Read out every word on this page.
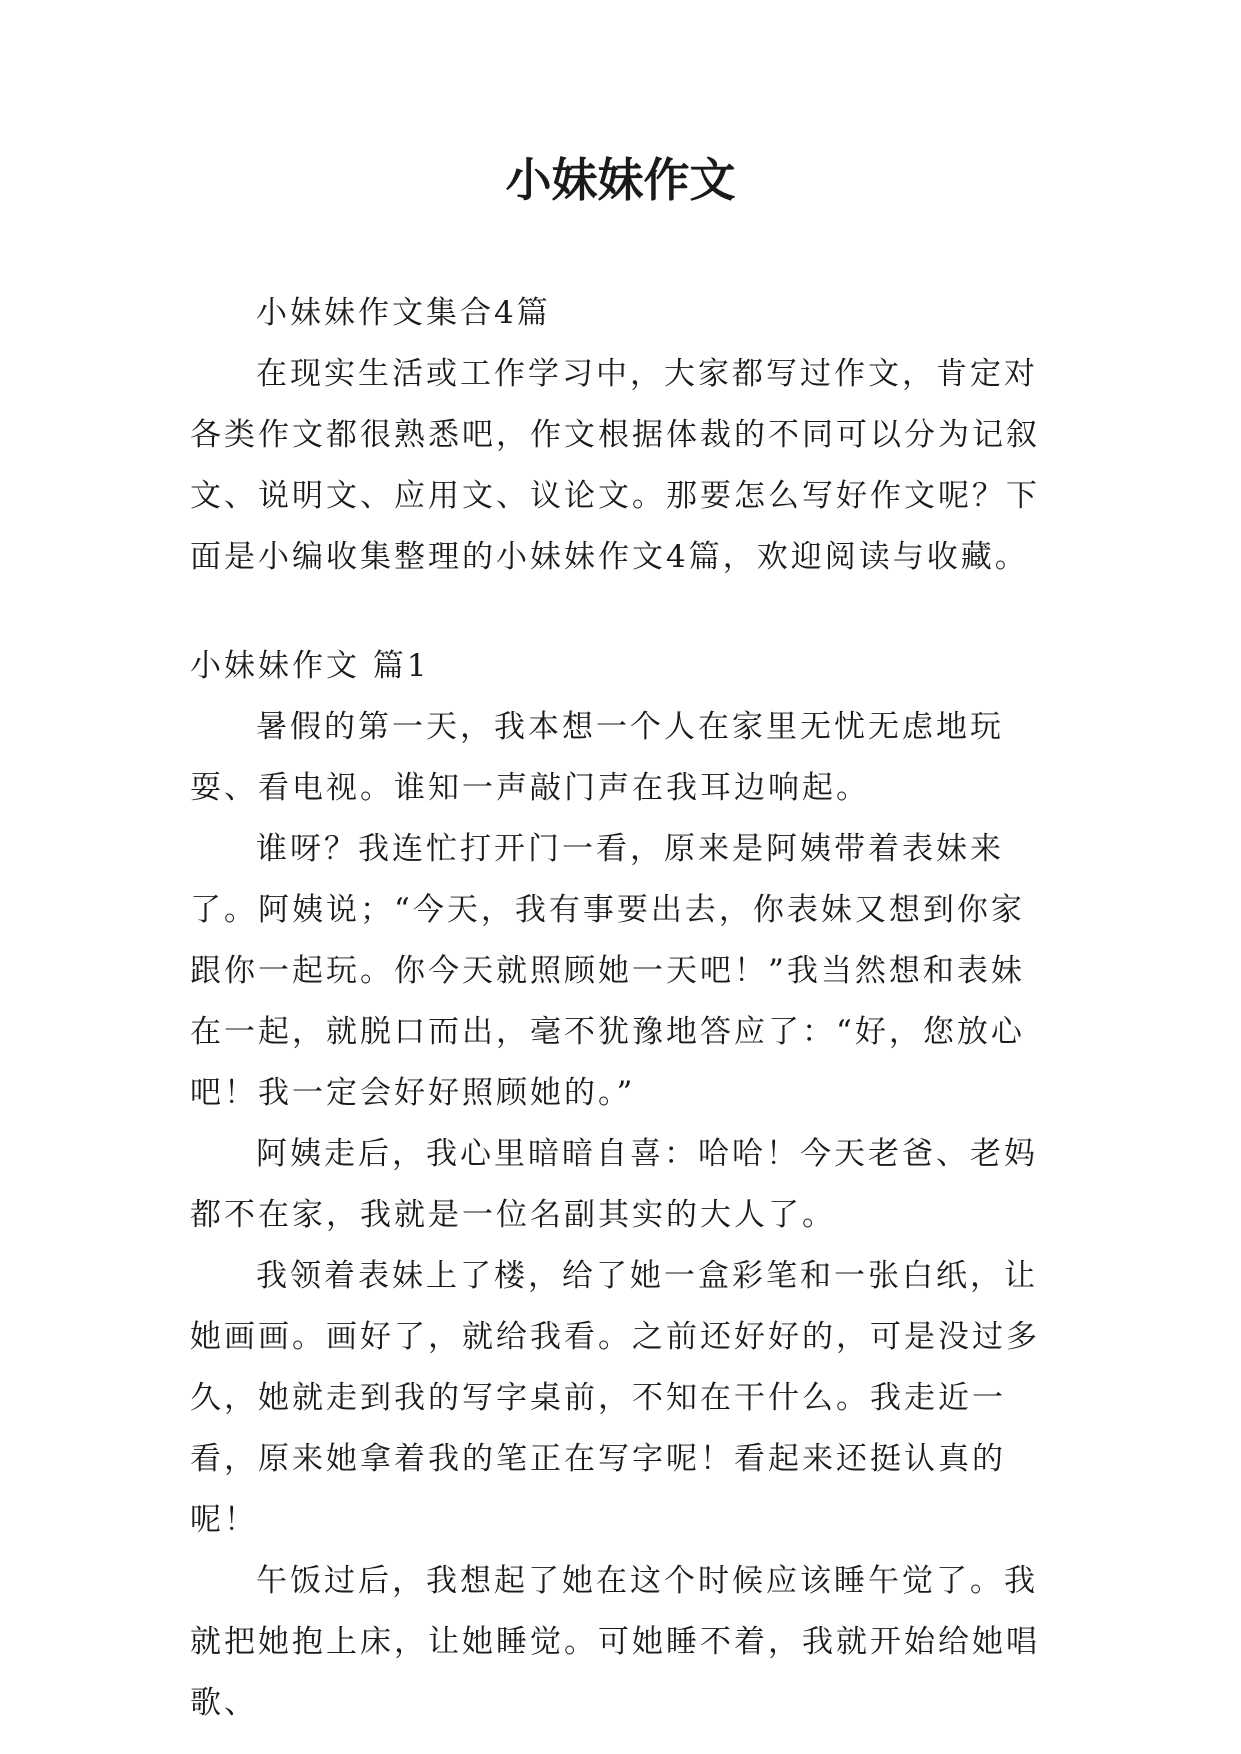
小妹妹作文

小妹妹作文集合4篇

在现实生活或工作学习中，大家都写过作文，肯定对各类作文都很熟悉吧，作文根据体裁的不同可以分为记叙文、说明文、应用文、议论文。那要怎么写好作文呢？下面是小编收集整理的小妹妹作文4篇，欢迎阅读与收藏。

小妹妹作文 篇1

暑假的第一天，我本想一个人在家里无忧无虑地玩耍、看电视。谁知一声敲门声在我耳边响起。

谁呀？我连忙打开门一看，原来是阿姨带着表妹来了。阿姨说；“今天，我有事要出去，你表妹又想到你家跟你一起玩。你今天就照顾她一天吧！”我当然想和表妹在一起，就脱口而出，毫不犹豫地答应了：“好，您放心吧！我一定会好好照顾她的。”

阿姨走后，我心里暗暗自喜：哈哈！今天老爸、老妈都不在家，我就是一位名副其实的大人了。

我领着表妹上了楼，给了她一盒彩笔和一张白纸，让她画画。画好了，就给我看。之前还好好的，可是没过多久，她就走到我的写字桌前，不知在干什么。我走近一看，原来她拿着我的笔正在写字呢！看起来还挺认真的呢！

午饭过后，我想起了她在这个时候应该睡午觉了。我就把她抱上床，让她睡觉。可她睡不着，我就开始给她唱歌、
